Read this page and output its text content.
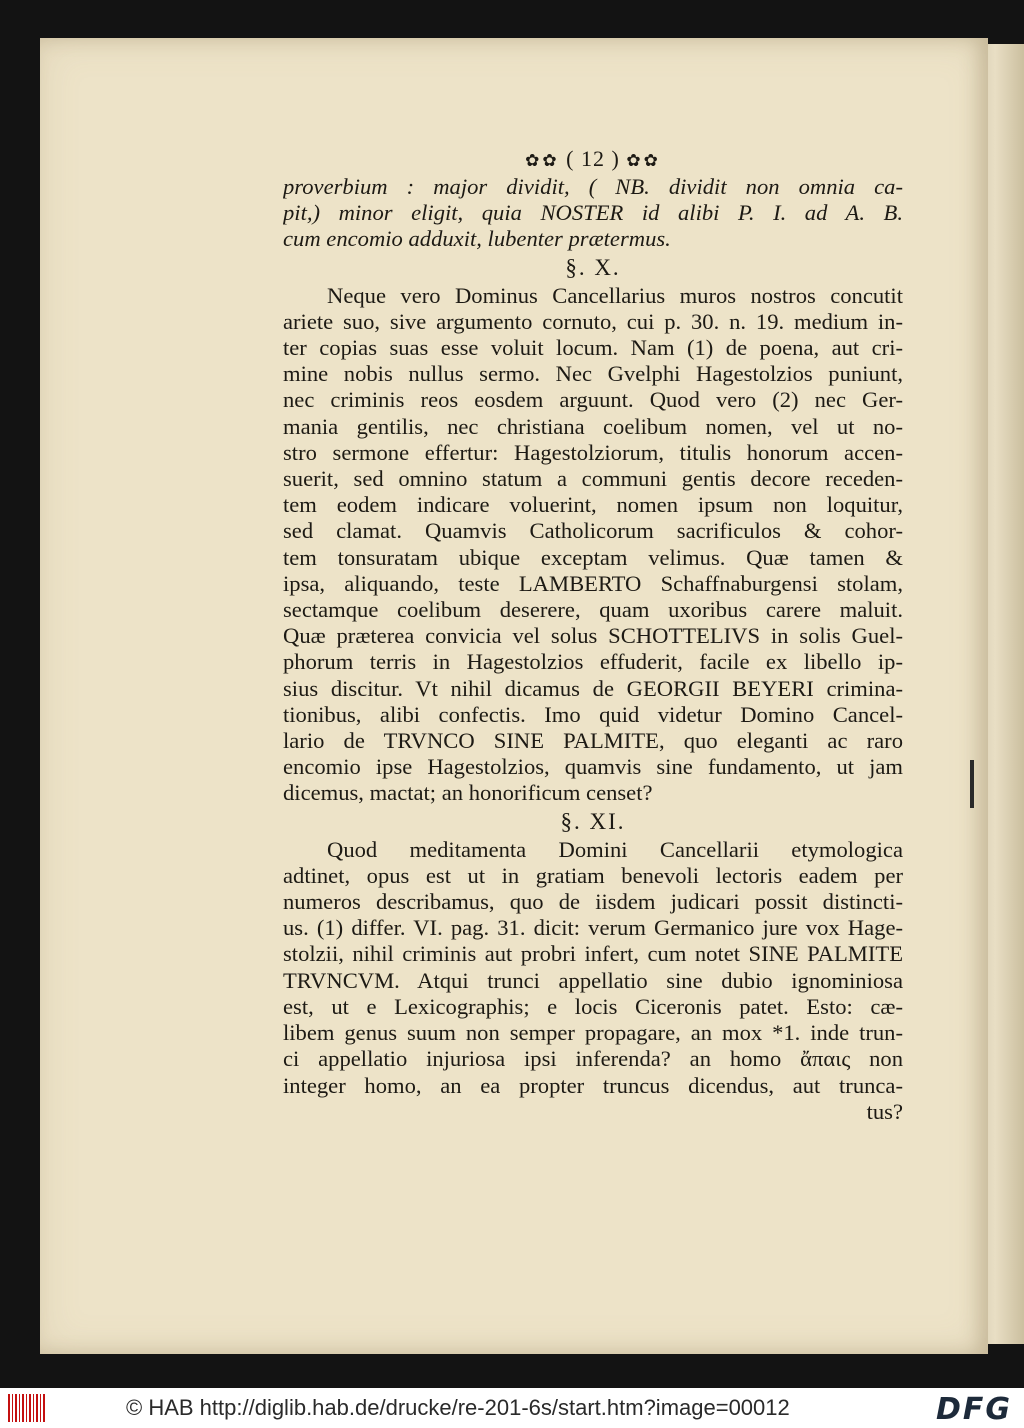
✿✿ ( 12 ) ✿✿
proverbium : major dividit, ( NB. dividit non omnia ca-
pit,) minor eligit, quia NOSTER id alibi P. I. ad A. B.
cum encomio adduxit, lubenter prætermus.
§. X.
Neque vero Dominus Cancellarius muros nostros concutit
ariete suo, sive argumento cornuto, cui p. 30. n. 19. medium in-
ter copias suas esse voluit locum. Nam (1) de poena, aut cri-
mine nobis nullus sermo. Nec Gvelphi Hagestolzios puniunt,
nec criminis reos eosdem arguunt. Quod vero (2) nec Ger-
mania gentilis, nec christiana coelibum nomen, vel ut no-
stro sermone effertur: Hagestolziorum, titulis honorum accen-
suerit, sed omnino statum a communi gentis decore receden-
tem eodem indicare voluerint, nomen ipsum non loquitur,
sed clamat. Quamvis Catholicorum sacrificulos & cohor-
tem tonsuratam ubique exceptam velimus. Quæ tamen &
ipsa, aliquando, teste LAMBERTO Schaffnaburgensi stolam,
sectamque coelibum deserere, quam uxoribus carere maluit.
Quæ præterea convicia vel solus SCHOTTELIVS in solis Guel-
phorum terris in Hagestolzios effuderit, facile ex libello ip-
sius discitur. Vt nihil dicamus de GEORGII BEYERI crimina-
tionibus, alibi confectis. Imo quid videtur Domino Cancel-
lario de TRVNCO SINE PALMITE, quo eleganti ac raro
encomio ipse Hagestolzios, quamvis sine fundamento, ut jam
dicemus, mactat; an honorificum censet?
§. XI.
Quod meditamenta Domini Cancellarii etymologica
adtinet, opus est ut in gratiam benevoli lectoris eadem per
numeros describamus, quo de iisdem judicari possit distincti-
us. (1) differ. VI. pag. 31. dicit: verum Germanico jure vox Hage-
stolzii, nihil criminis aut probri infert, cum notet SINE PALMITE
TRVNCVM. Atqui trunci appellatio sine dubio ignominiosa
est, ut e Lexicographis; e locis Ciceronis patet. Esto: cæ-
libem genus suum non semper propagare, an mox *1. inde trun-
ci appellatio injuriosa ipsi inferenda? an homo ἄπαις non
integer homo, an ea propter truncus dicendus, aut trunca-
tus?
© HAB http://diglib.hab.de/drucke/re-201-6s/start.htm?image=00012	DFG
